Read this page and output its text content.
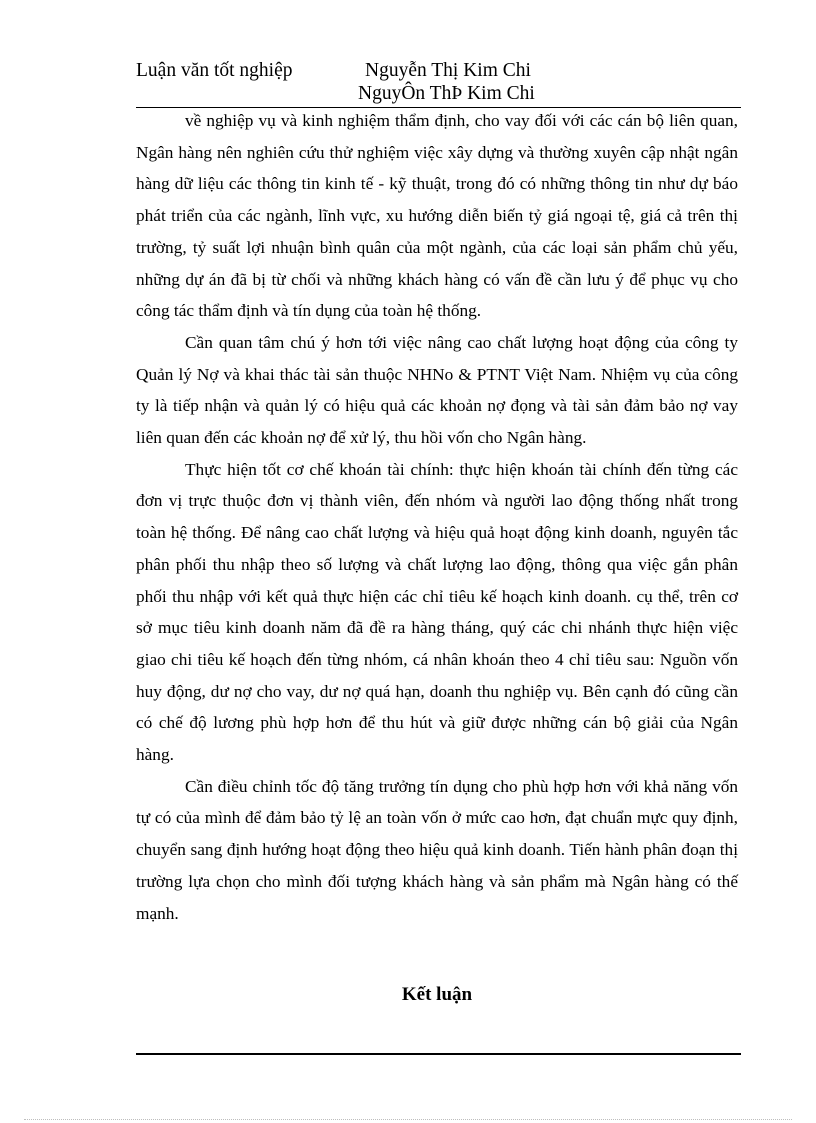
Luận văn tốt nghiệp	Nguyễn Thị Kim Chi
NguyÔn ThÞ Kim Chi

về nghiệp vụ và kinh nghiệm thẩm định, cho vay đối với các cán bộ liên quan, Ngân hàng nên nghiên cứu thử nghiệm việc xây dựng và thường xuyên cập nhật ngân hàng dữ liệu các thông tin kinh tế - kỹ thuật, trong đó có những thông tin như dự báo phát triển của các ngành, lĩnh vực, xu hướng diễn biến tỷ giá ngoại tệ, giá cả trên thị trường, tỷ suất lợi nhuận bình quân của một ngành, của các loại sản phẩm chủ yếu, những dự án đã bị từ chối và những khách hàng có vấn đề cần lưu ý để phục vụ cho công tác thẩm định và tín dụng của toàn hệ thống.

Cần quan tâm chú ý hơn tới việc nâng cao chất lượng hoạt động của công ty Quản lý Nợ và khai thác tài sản thuộc NHNo & PTNT Việt Nam. Nhiệm vụ của công ty là tiếp nhận và quản lý có hiệu quả các khoản nợ đọng và tài sản đảm bảo nợ vay liên quan đến các khoản nợ để xử lý, thu hồi vốn cho Ngân hàng.

Thực hiện tốt cơ chế khoán tài chính: thực hiện khoán tài chính đến từng các đơn vị trực thuộc đơn vị thành viên, đến nhóm và người lao động thống nhất trong toàn hệ thống. Để nâng cao chất lượng và hiệu quả hoạt động kinh doanh, nguyên tắc phân phối thu nhập theo số lượng và chất lượng lao động, thông qua việc gắn phân phối thu nhập với kết quả thực hiện các chỉ tiêu kế hoạch kinh doanh. cụ thể, trên cơ sở mục tiêu kinh doanh năm đã đề ra hàng tháng, quý các chi nhánh thực hiện việc giao chi tiêu kế hoạch đến từng nhóm, cá nhân khoán theo 4 chỉ tiêu sau: Nguồn vốn huy động, dư nợ cho vay, dư nợ quá hạn, doanh thu nghiệp vụ. Bên cạnh đó cũng cần có chế độ lương phù hợp hơn để thu hút và giữ được những cán bộ giải của Ngân hàng.

Cần điều chỉnh tốc độ tăng trưởng tín dụng cho phù hợp hơn với khả năng vốn tự có của mình để đảm bảo tỷ lệ an toàn vốn ở mức cao hơn, đạt chuẩn mực quy định, chuyển sang định hướng hoạt động theo hiệu quả kinh doanh. Tiến hành phân đoạn thị trường lựa chọn cho mình đối tượng khách hàng và sản phẩm mà Ngân hàng có thế mạnh.

Kết luận
